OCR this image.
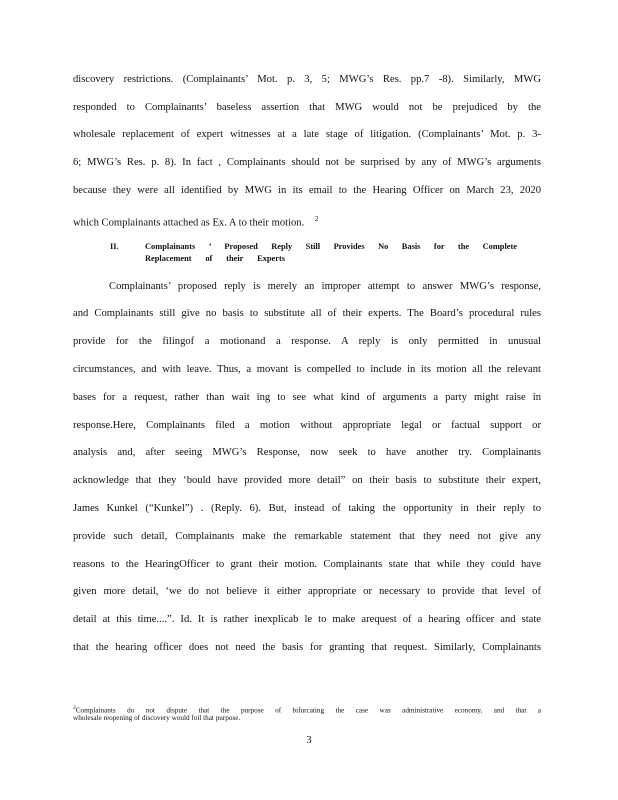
discovery restrictions. (Complainants’ Mot. p. 3, 5; MWG’s Res. pp.7 -8). Similarly, MWG
responded to Complainants’ baseless assertion that MWG would not be prejudiced by the
wholesale replacement of expert witnesses at a late stage of litigation. (Complainants’ Mot. p. 3-
6; MWG’s Res. p. 8). In fact , Complainants should not be surprised by any of MWG’s arguments
because they were all identified by MWG in its email to the Hearing Officer on March 23, 2020
which Complainants attached as Ex. A to their motion. $^2$
II.	Complainants ’ Proposed Reply Still Provides No Basis for the Complete
Replacement of their Experts
Complainants’ proposed reply is merely an improper attempt to answer MWG’s response,
and Complainants still give no basis to substitute all of their experts. The Board’s procedural rules
provide for the filingof a motionand a response. A reply is only permitted in unusual
circumstances, and with leave. Thus, a movant is compelled to include in its motion all the relevant
bases for a request, rather than wait ing to see what kind of arguments a party might raise in
response.Here, Complainants filed a motion without appropriate legal or factual support or
analysis and, after seeing MWG’s Response, now seek to have another try. Complainants
acknowledge that they ‘bould have provided more detail” on their basis to substitute their expert,
James Kunkel (“Kunkel”) . (Reply. 6). But, instead of taking the opportunity in their reply to
provide such detail, Complainants make the remarkable statement that they need not give any
reasons to the HearingOfficer to grant their motion. Complainants state that while they could have
given more detail, ‘we do not believe it either appropriate or necessary to provide that level of
detail at this time....”. Id. It is rather inexplicab le to make arequest of a hearing officer and state
that the hearing officer does not need the basis for granting that request. Similarly, Complainants
$^2$Complainants do not dispute that the purpose of bifurcating the case was administrative economy, and that a
wholesale reopening of discovery would foil that purpose.
3
